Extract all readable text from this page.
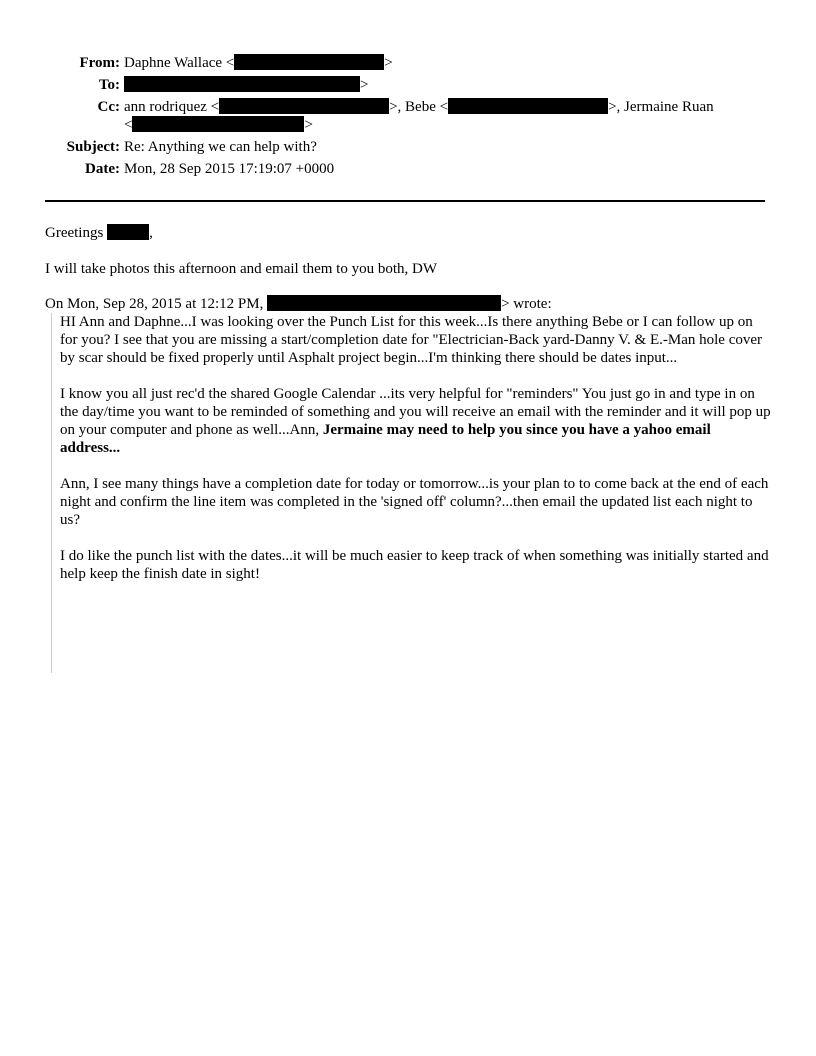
From: Daphne Wallace <	>
To:	>
Cc: ann rodriquez <	>, Bebe <	>, Jermaine Ruan
<	>
Subject: Re: Anything we can help with?
Date: Mon, 28 Sep 2015 17:19:07 +0000
Greetings	,
I will take photos this afternoon and email them to you both, DW
On Mon, Sep 28, 2015 at 12:12 PM,	> wrote:

HI Ann and Daphne...I was looking over the Punch List for this week...Is there anything Bebe or I can follow up on for you? I see that you are missing a start/completion date for "Electrician-Back yard-Danny V. & E.-Man hole cover by scar should be fixed properly until Asphalt project begin...I'm thinking there should be dates input...

I know you all just rec'd the shared Google Calendar ...its very helpful for "reminders" You just go in and type in on the day/time you want to be reminded of something and you will receive an email with the reminder and it will pop up on your computer and phone as well...Ann, Jermaine may need to help you since you have a yahoo email address...

Ann, I see many things have a completion date for today or tomorrow...is your plan to to come back at the end of each night and confirm the line item was completed in the 'signed off' column?...then email the updated list each night to us?

I do like the punch list with the dates...it will be much easier to keep track of when something was initially started and help keep the finish date in sight!
